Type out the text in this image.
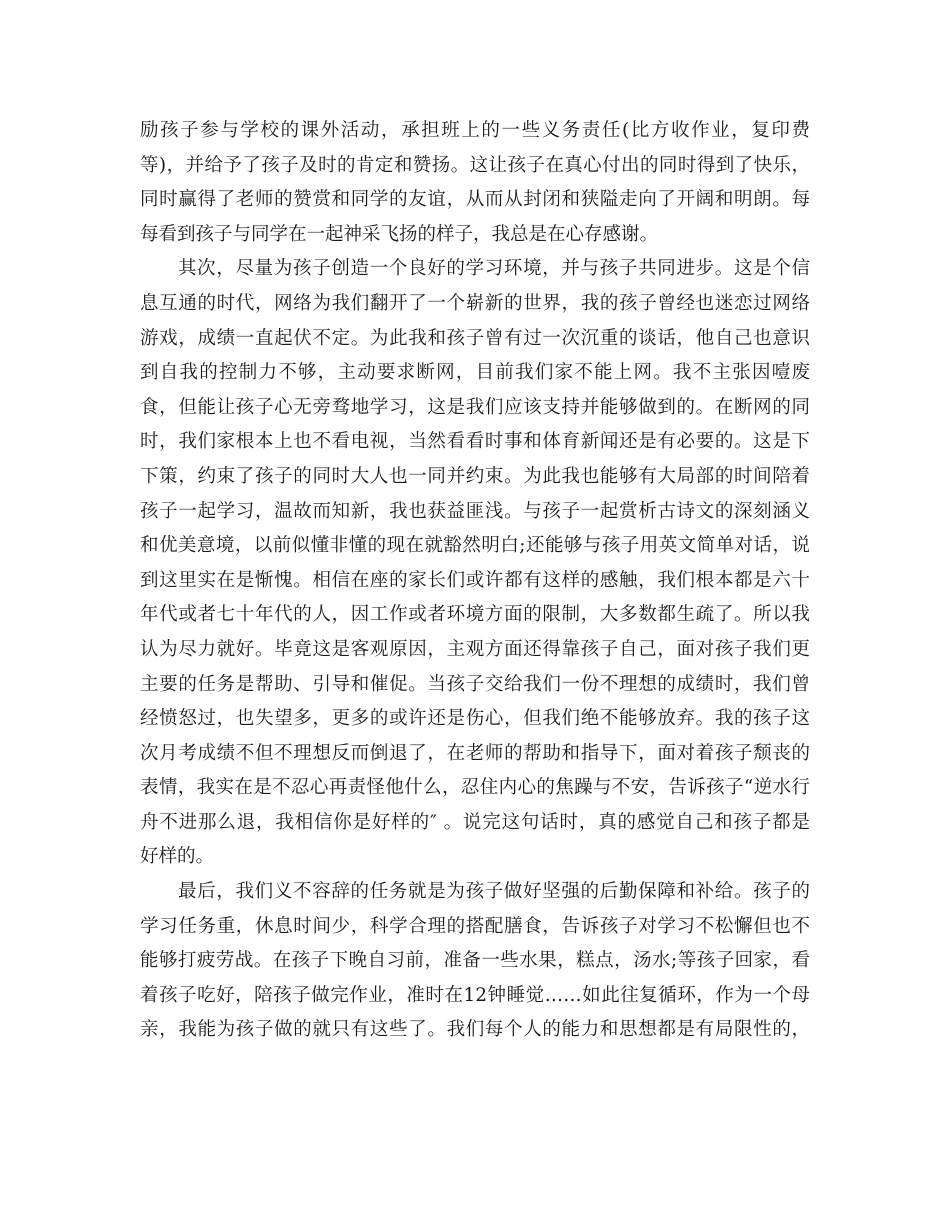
励孩子参与学校的课外活动，承担班上的一些义务责任(比方收作业，复印费
等)，并给予了孩子及时的肯定和赞扬。这让孩子在真心付出的同时得到了快乐，
同时赢得了老师的赞赏和同学的友谊，从而从封闭和狭隘走向了开阔和明朗。每
每看到孩子与同学在一起神采飞扬的样子，我总是在心存感谢。
其次，尽量为孩子创造一个良好的学习环境，并与孩子共同进步。这是个信
息互通的时代，网络为我们翻开了一个崭新的世界，我的孩子曾经也迷恋过网络
游戏，成绩一直起伏不定。为此我和孩子曾有过一次沉重的谈话，他自己也意识
到自我的控制力不够，主动要求断网，目前我们家不能上网。我不主张因噎废
食，但能让孩子心无旁骛地学习，这是我们应该支持并能够做到的。在断网的同
时，我们家根本上也不看电视，当然看看时事和体育新闻还是有必要的。这是下
下策，约束了孩子的同时大人也一同并约束。为此我也能够有大局部的时间陪着
孩子一起学习，温故而知新，我也获益匪浅。与孩子一起赏析古诗文的深刻涵义
和优美意境，以前似懂非懂的现在就豁然明白;还能够与孩子用英文简单对话，说
到这里实在是惭愧。相信在座的家长们或许都有这样的感触，我们根本都是六十
年代或者七十年代的人，因工作或者环境方面的限制，大多数都生疏了。所以我
认为尽力就好。毕竟这是客观原因，主观方面还得靠孩子自己，面对孩子我们更
主要的任务是帮助、引导和催促。当孩子交给我们一份不理想的成绩时，我们曾
经愤怒过，也失望多，更多的或许还是伤心，但我们绝不能够放弃。我的孩子这
次月考成绩不但不理想反而倒退了，在老师的帮助和指导下，面对着孩子颓丧的
表情，我实在是不忍心再责怪他什么，忍住内心的焦躁与不安，告诉孩子“逆水行
舟不进那么退，我相信你是好样的″ 。说完这句话时，真的感觉自己和孩子都是
好样的。
最后，我们义不容辞的任务就是为孩子做好坚强的后勤保障和补给。孩子的
学习任务重，休息时间少，科学合理的搭配膳食，告诉孩子对学习不松懈但也不
能够打疲劳战。在孩子下晚自习前，准备一些水果，糕点，汤水;等孩子回家，看
着孩子吃好，陪孩子做完作业，准时在12钟睡觉……如此往复循环，作为一个母
亲，我能为孩子做的就只有这些了。我们每个人的能力和思想都是有局限性的，
